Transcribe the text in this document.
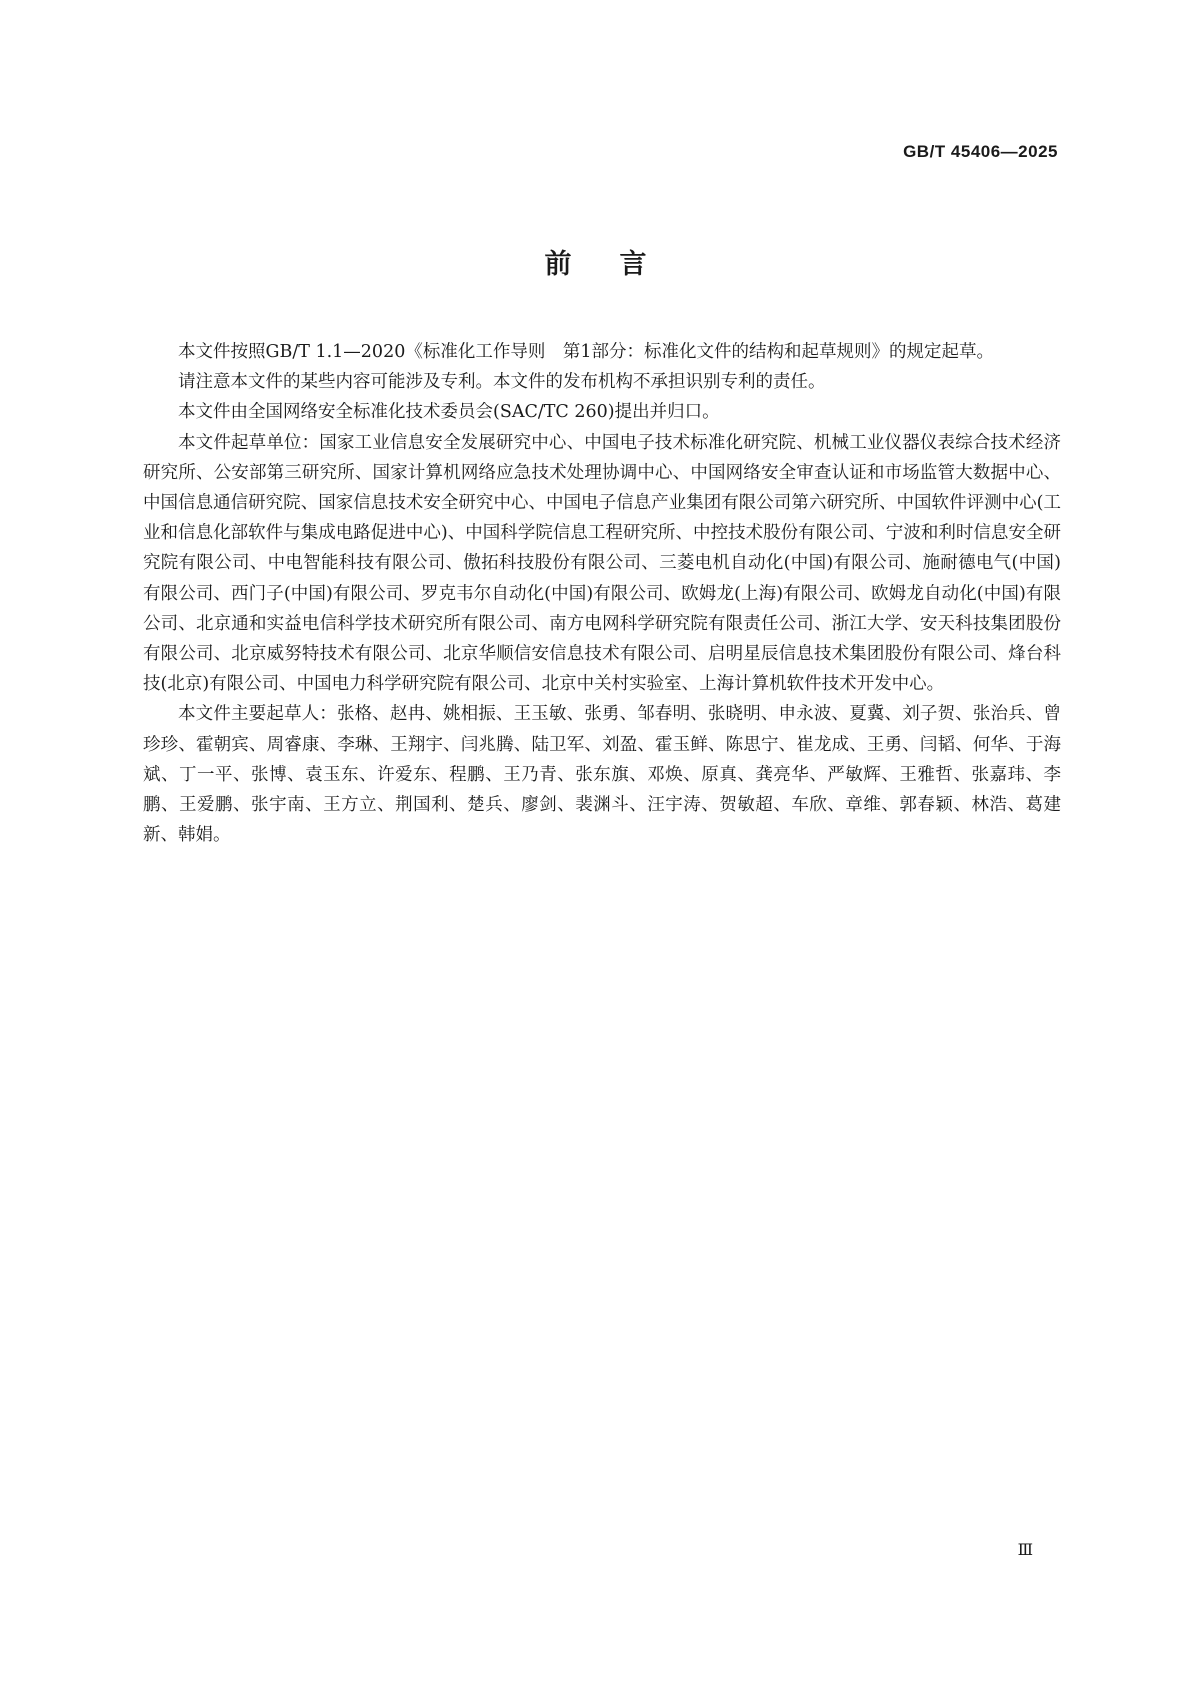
GB/T 45406—2025
前言

本文件按照GB/T 1.1—2020《标准化工作导则　第1部分：标准化文件的结构和起草规则》的规定起草。

请注意本文件的某些内容可能涉及专利。本文件的发布机构不承担识别专利的责任。

本文件由全国网络安全标准化技术委员会(SAC/TC 260)提出并归口。

本文件起草单位：国家工业信息安全发展研究中心、中国电子技术标准化研究院、机械工业仪器仪表综合技术经济研究所、公安部第三研究所、国家计算机网络应急技术处理协调中心、中国网络安全审查认证和市场监管大数据中心、中国信息通信研究院、国家信息技术安全研究中心、中国电子信息产业集团有限公司第六研究所、中国软件评测中心(工业和信息化部软件与集成电路促进中心)、中国科学院信息工程研究所、中控技术股份有限公司、宁波和利时信息安全研究院有限公司、中电智能科技有限公司、傲拓科技股份有限公司、三菱电机自动化(中国)有限公司、施耐德电气(中国)有限公司、西门子(中国)有限公司、罗克韦尔自动化(中国)有限公司、欧姆龙(上海)有限公司、欧姆龙自动化(中国)有限公司、北京通和实益电信科学技术研究所有限公司、南方电网科学研究院有限责任公司、浙江大学、安天科技集团股份有限公司、北京威努特技术有限公司、北京华顺信安信息技术有限公司、启明星辰信息技术集团股份有限公司、烽台科技(北京)有限公司、中国电力科学研究院有限公司、北京中关村实验室、上海计算机软件技术开发中心。

本文件主要起草人：张格、赵冉、姚相振、王玉敏、张勇、邹春明、张晓明、申永波、夏冀、刘子贺、张治兵、曾珍珍、霍朝宾、周睿康、李琳、王翔宇、闫兆腾、陆卫军、刘盈、霍玉鲜、陈思宁、崔龙成、王勇、闫韬、何华、于海斌、丁一平、张博、袁玉东、许爱东、程鹏、王乃青、张东旗、邓焕、原真、龚亮华、严敏辉、王雅哲、张嘉玮、李鹏、王爱鹏、张宇南、王方立、荆国利、楚兵、廖剑、裴渊斗、汪宇涛、贺敏超、车欣、章维、郭春颖、林浩、葛建新、韩娟。

Ⅲ
